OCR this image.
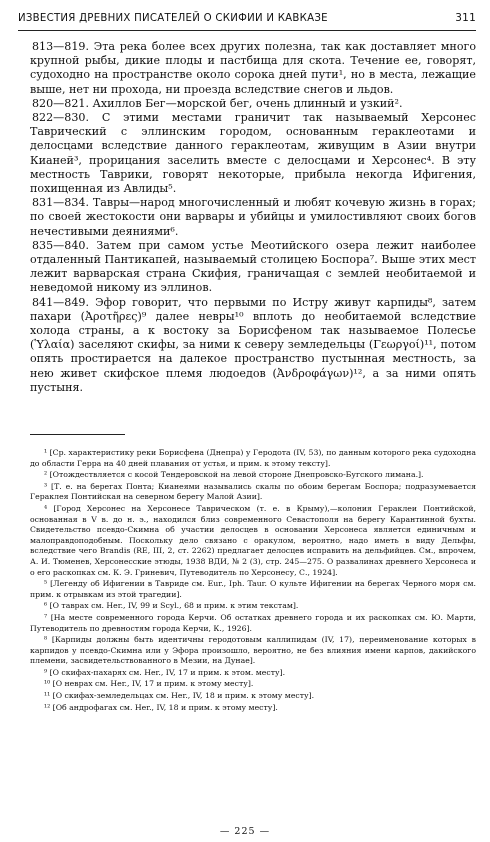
ИЗВЕСТИЯ ДРЕВНИХ ПИСАТЕЛЕЙ О СКИФИИ И КАВКАЗЕ	311

813—819. Эта река более всех других полезна, так как доставляет много крупной рыбы, дикие плоды и пастбища для скота. Течение ее, говорят, судоходно на пространстве около сорока дней пути¹, но в места, лежащие выше, нет ни прохода, ни проезда вследствие снегов и льдов.

820—821. Ахиллов Бег—морской бег, очень длинный и узкий².

822—830. С этими местами граничит так называемый Херсонес Таврический с эллинским городом, основанным гераклеотами и делосцами вследствие данного гераклеотам, живущим в Азии внутри Кианей³, прорицания заселить вместе с делосцами и Херсонес⁴. В эту местность Таврики, говорят некоторые, прибыла некогда Ифигения, похищенная из Авлиды⁵.

831—834. Тавры—народ многочисленный и любят кочевую жизнь в горах; по своей жестокости они варвары и убийцы и умилостивляют своих богов нечестивыми деяниями⁶.

835—840. Затем при самом устье Меотийского озера лежит наиболее отдаленный Пантикапей, называемый столицею Боспора⁷. Выше этих мест лежит варварская страна Скифия, граничащая с землей необитаемой и неведомой никому из эллинов.

841—849. Эфор говорит, что первыми по Истру живут карпиды⁸, затем пахари (Ἀροτῆρες)⁹ далее невры¹⁰ вплоть до необитаемой вследствие холода страны, а к востоку за Борисфеном так называемое Полесье (Ὑλαία) заселяют скифы, за ними к северу земледельцы (Γεωργοί)¹¹, потом опять простирается на далекое пространство пустынная местность, за нею живет скифское племя людоедов (Ἀνδροφάγων)¹², а за ними опять пустыня.

¹ [Ср. характеристику реки Борисфена (Днепра) у Геродота (IV, 53), по данным которого река судоходна до области Герра на 40 дней плавания от устья, и прим. к этому тексту].

² [Отождествляется с косой Тендеровской на левой стороне Днепровско-Бугского лимана.].

³ [Т. е. на берегах Понта; Кианеями назывались скалы по обоим берегам Боспора; подразумевается Гераклея Понтийская на северном берегу Малой Азии].

⁴ [Город Херсонес на Херсонесе Таврическом (т. е. в Крыму),—колония Гераклеи Понтийской, основанная в V в. до н. э., находился близ современного Севастополя на берегу Карантинной бухты. Свидетельство псевдо-Скимна об участии делосцев в основании Херсонеса является единичным и малоправдоподобным. Поскольку дело связано с оракулом, вероятно, надо иметь в виду Дельфы, вследствие чего Brandis (RE, III, 2, ст. 2262) предлагает делосцев исправить на дельфийцев. См., впрочем, А. И. Тюменев, Херсонесские этюды, 1938 ВДИ, № 2 (3), стр. 245—275. О развалинах древнего Херсонеса и о его раскопках см. К. Э. Гриневич, Путеводитель по Херсонесу, С., 1924].

⁵ [Легенду об Ифигении в Тавриде см. Eur., Iph. Taur. О культе Ифигении на берегах Черного моря см. прим. к отрывкам из этой трагедии].

⁶ [О таврах см. Нer., IV, 99 и Scyl., 68 и прим. к этим текстам].

⁷ [На месте современного города Керчи. Об остатках древнего города и их раскопках см. Ю. Марти, Путеводитель по древностям города Керчи, К., 1926].

⁸ [Карпиды должны быть идентичны геродотовым каллипидам (IV, 17), переименование которых в карпидов у псевдо-Скимна или у Эфора произошло, вероятно, не без влияния имени карпов, дакийского племени, засвидетельствованного в Мезии, на Дунае].

⁹ [О скифах-пахарях см. Нer., IV, 17 и прим. к этом. месту].

¹⁰ [О неврах см. Нer., IV, 17 и прим. к этому месту].

¹¹ [О скифах-земледельцах см. Нer., IV, 18 и прим. к этому месту].

¹² [Об андрофагах см. Нer., IV, 18 и прим. к этому месту].

— 225 —
